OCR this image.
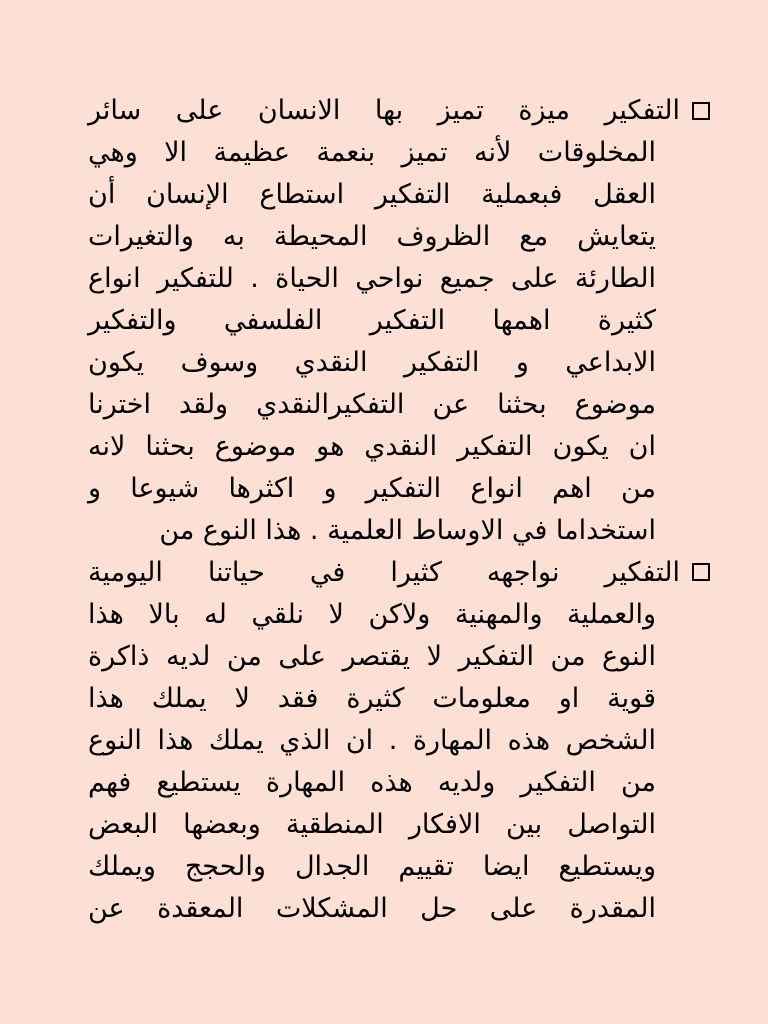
التفكير ميزة تميز بها الانسان على سائر
المخلوقات لأنه تميز بنعمة عظيمة الا وهي
العقل فبعملية التفكير استطاع الإنسان أن
يتعايش مع الظروف المحيطة به والتغيرات
الطارئة على جميع نواحي الحياة . للتفكير انواع
كثيرة اهمها التفكير الفلسفي والتفكير
الابداعي و التفكير النقدي وسوف يكون
موضوع بحثنا عن التفكيرالنقدي ولقد اخترنا
ان يكون التفكير النقدي هو موضوع بحثنا لانه
من اهم انواع التفكير و اكثرها شيوعا و
استخداما في الاوساط العلمية . هذا النوع من
التفكير نواجهه كثيرا في حياتنا اليومية
والعملية والمهنية ولاكن لا نلقي له بالا هذا
النوع من التفكير لا يقتصر على من لديه ذاكرة
قوية او معلومات كثيرة فقد لا يملك هذا
الشخص هذه المهارة . ان الذي يملك هذا النوع
من التفكير ولديه هذه المهارة يستطيع فهم
التواصل بين الافكار المنطقية وبعضها البعض
ويستطيع ايضا تقييم الجدال والحجج ويملك
المقدرة على حل المشكلات المعقدة عن
